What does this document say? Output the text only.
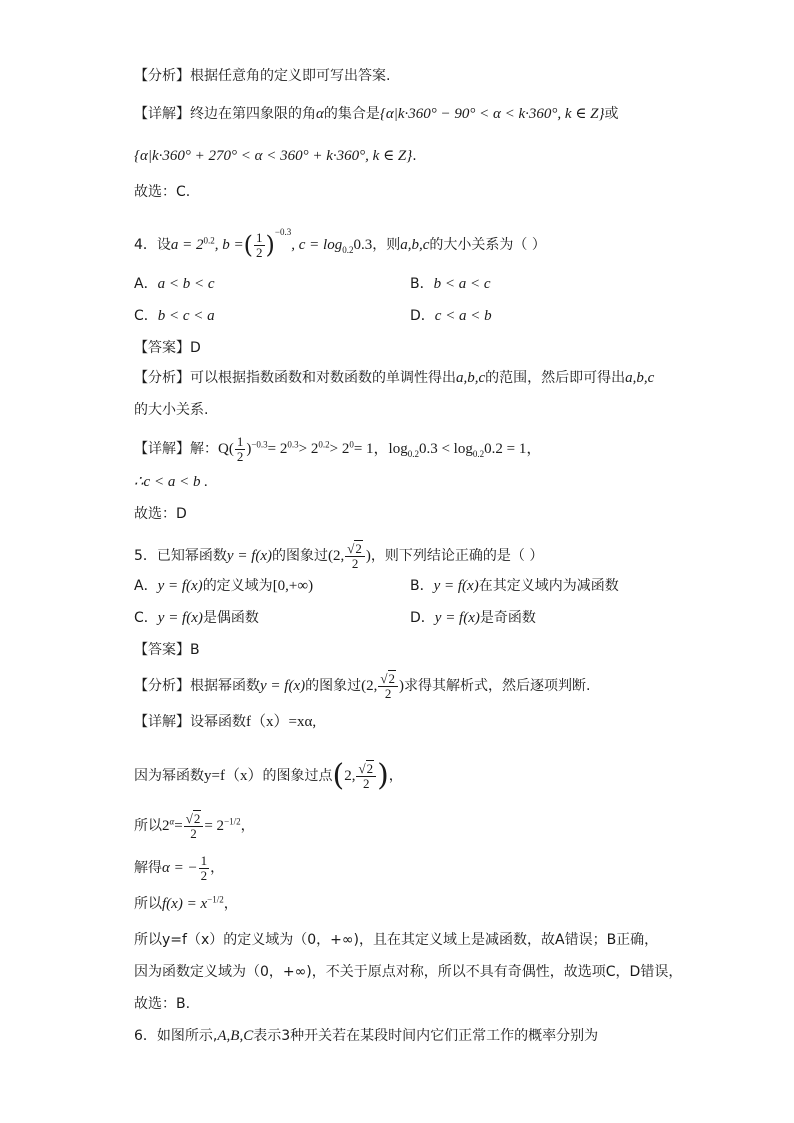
【分析】根据任意角的定义即可写出答案.
【详解】终边在第四象限的角α的集合是{α|k·360° − 90° < α < k·360°, k ∈ Z}或
{α|k·360° + 270° < α < 360° + k·360°, k ∈ Z}.
故选：C.
4．设$a = 2^{0.2}$, b =( $\frac{1}{2} )^{-0.3}$, $c = \log_{0.2}0.3$，则a,b,c的大小关系为（ ）
A．a < b < c	B．b < a < c
C．b < c < a	D．c < a < b
【答案】D
【分析】可以根据指数函数和对数函数的单调性得出a,b,c的范围，然后即可得出a,b,c
的大小关系.
【详解】解：$Q( \frac{1}{2} )^{-0.3}= 2^{0.3}> 2^{0.2}> 2^0= 1$，$\log_{0.2}0.3 < \log_{0.2}0.2 = 1$，
∴c < a < b .
故选：D
5．已知幂函数y = f(x)的图象过(2, $\frac{√2}{2}$ )，则下列结论正确的是（ ）
A．y = f(x)的定义域为[0,+∞)	B．y = f(x)在其定义域内为减函数
C．y = f(x)是偶函数	D．y = f(x)是奇函数
【答案】B
【分析】根据幂函数y = f(x)的图象过(2, $\frac{√2}{2}$ )求得其解析式，然后逐项判断.
【详解】设幂函数f（x）=xα,
因为幂函数y=f（x）的图象过点(2, $\frac{√2}{2}$ )，
所以$2^\alpha= \frac{√2}{2} = 2^{-1/2}$，
解得α = − $\frac{1}{2}$ ，
所以$f(x) = x^{-1/2}$，
所以y=f（x）的定义域为（0，+∞)，且在其定义域上是减函数，故A错误；B正确，
因为函数定义域为（0，+∞)，不关于原点对称，所以不具有奇偶性，故选项C，D错误，
故选：B.
6．如图所示,A,B,C表示3种开关若在某段时间内它们正常工作的概率分别为
